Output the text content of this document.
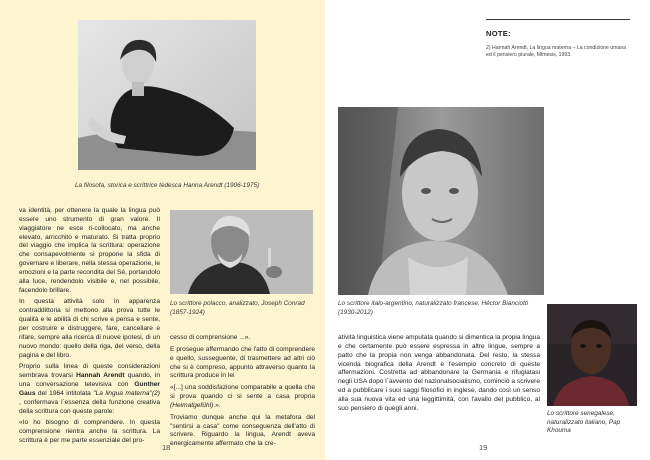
La filosofa, storica e scrittrice tedesca Hanna Arendt (1906-1975)

va identità, per ottenere la quale la lingua può essere uno strumento di gran valore. Il viaggiatore ne esce ri-collocato, ma anche elevato, arricchito e maturato. Si tratta proprio del viaggio che implica la scrittura: operazione che consapevolmente si propone la sfida di governare e liberare, nella stessa operazione, le emozioni e la parte recondita del Sé, portandolo alla luce, rendendolo visibile e, nel possibile, facendolo brillare.

In questa attività solo in apparenza contraddittoria si mettono alla prova tutte le qualità e le abilità di chi scrive e pensa e sente, per costruire e distruggere, fare, cancellare e rifare, sempre alla ricerca di nuove ipotesi, di un nuovo mondo: quello della riga, del verso, della pagina e del libro.

Proprio sulla linea di queste considerazioni sembrava trovarsi Hannah Arendt quando, in una conversazione televisiva con Gunther Gaus del 1964 intitolata "La lingua materna"(2) , confermava l´essenza della funzione creativa della scrittura con queste parole:

«Io ho bisogno di comprendere. In questa comprensione rientra anche la scrittura. La scrittura è per me parte essenziale del pro-

Lo scrittore polacco, analizzato, Joseph Conrad (1857-1924)

cesso di comprensione ...».

E prosegue affermando che l'atto di comprendere e quello, susseguente, di trasmettere ad altri ciò che si è compreso, appunto attraverso quanto la scrittura produce in lei

«[...] una soddisfazione comparabile a quella che si prova quando ci si sente a casa propria (Heimatgefühl).».

Troviamo dunque anche qui la metafora del "sentirsi a casa" come conseguenza dell'atto di scrivere. Riguardo la lingua, Arendt aveva energicamente affermato che la cre-

18
NOTE:
2) Hannah Arendt, La lingua materna – La condizione umana ed il pensiero plurale, Mimesis, 1993.
Lo scrittore italo-argentino, naturalizzato francese, Héctor Bianciotti (1930-2012)
Lo scrittore senegalese, naturalizzato italiano, Pap Khouma

atività linguistica viene amputata quando si dimentica la propia lingua e che certamente può essere espressa in altre lingue, sempre a patto che la propia non venga abbandonata. Del resto, la stessa vicenda biografica della Arendt è l'esempio concreto di queste affermazioni. Costretta ad abbandonare la Germania e rifugiatasi negli USA dopo l´avvento del nazionalsocialismo, cominciò a scrivere ed a pubblicare i suoi saggi filosofici in inglese, dando così un senso alla sua nuova vita ed una leggittimità, con l'avallo del pubblico, al suo pensiero di quegli anni.

19
